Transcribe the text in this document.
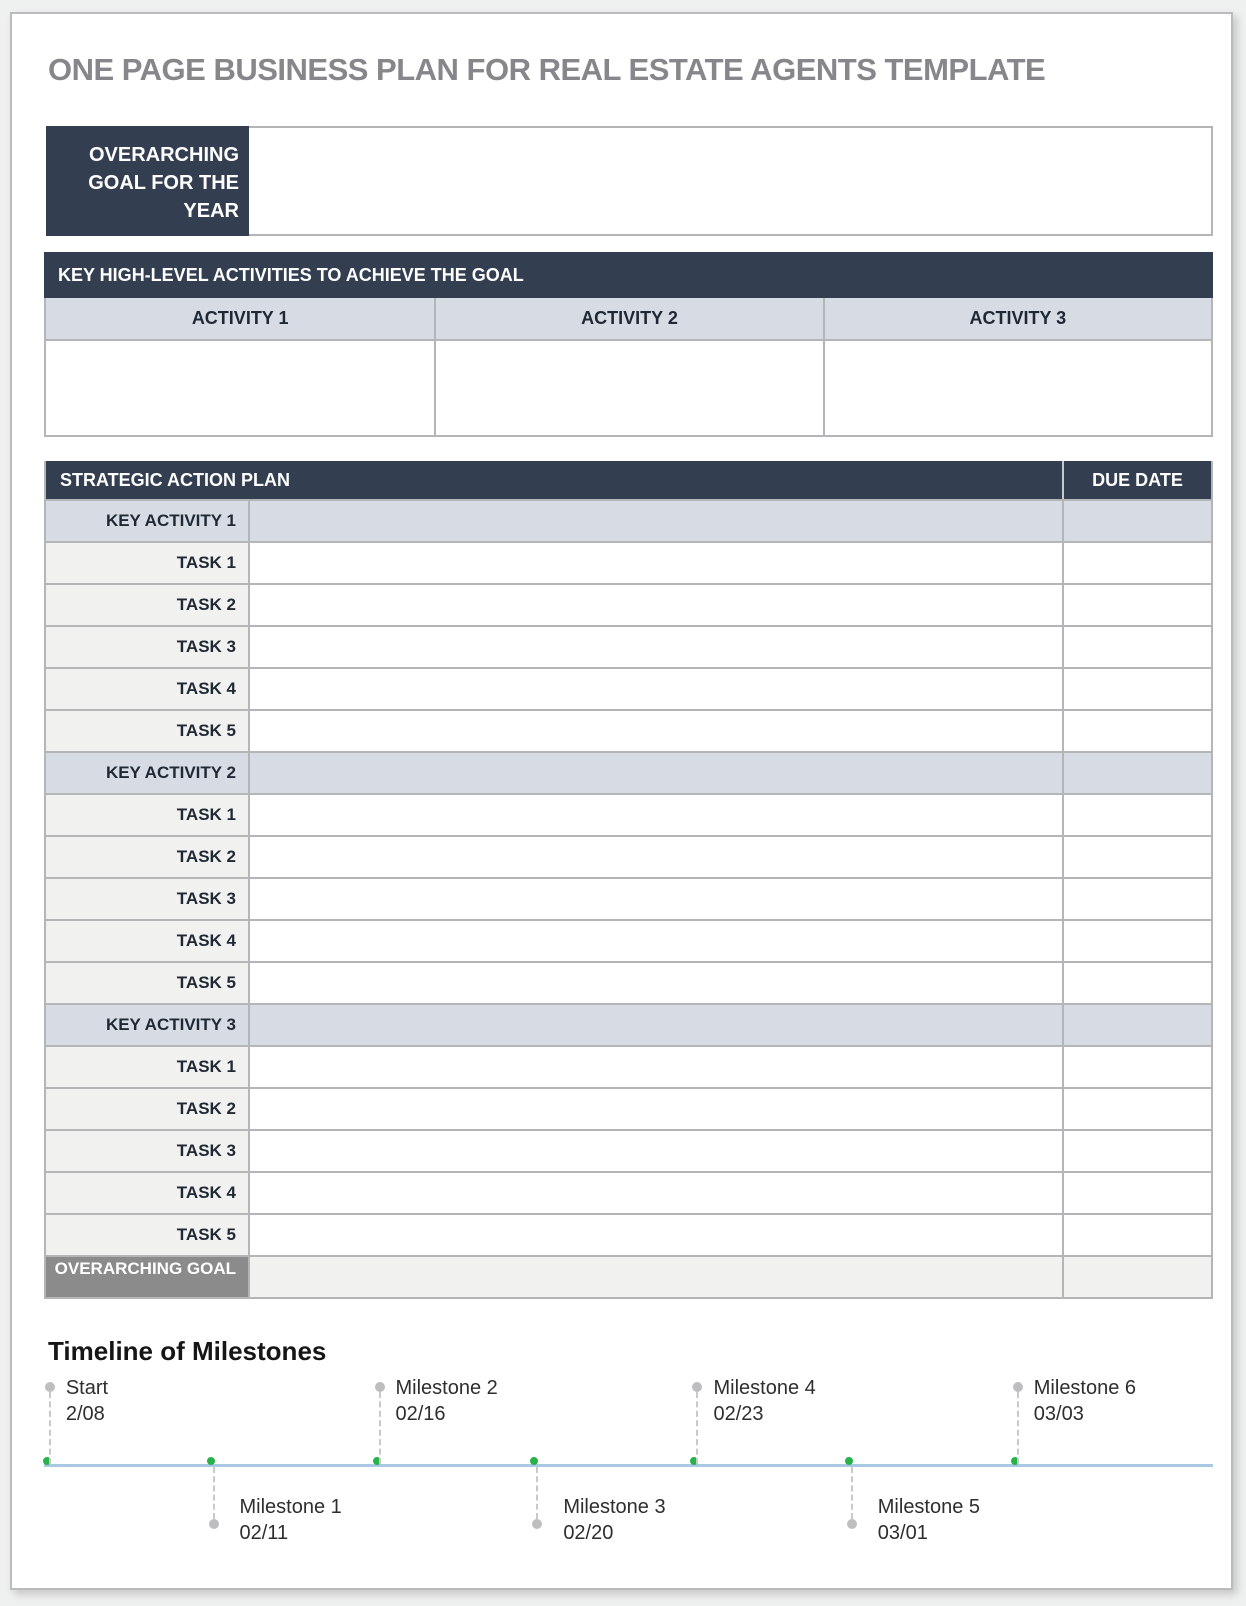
ONE PAGE BUSINESS PLAN FOR REAL ESTATE AGENTS TEMPLATE
OVERARCHING GOAL FOR THE YEAR
KEY HIGH-LEVEL ACTIVITIES TO ACHIEVE THE GOAL
ACTIVITY 1	ACTIVITY 2	ACTIVITY 3
STRATEGIC ACTION PLAN	DUE DATE
KEY ACTIVITY 1
TASK 1
TASK 2
TASK 3
TASK 4
TASK 5
KEY ACTIVITY 2
TASK 1
TASK 2
TASK 3
TASK 4
TASK 5
KEY ACTIVITY 3
TASK 1
TASK 2
TASK 3
TASK 4
TASK 5
OVERARCHING GOAL
Timeline of Milestones
Start
2/08
Milestone 1
02/11
Milestone 2
02/16
Milestone 3
02/20
Milestone 4
02/23
Milestone 5
03/01
Milestone 6
03/03
